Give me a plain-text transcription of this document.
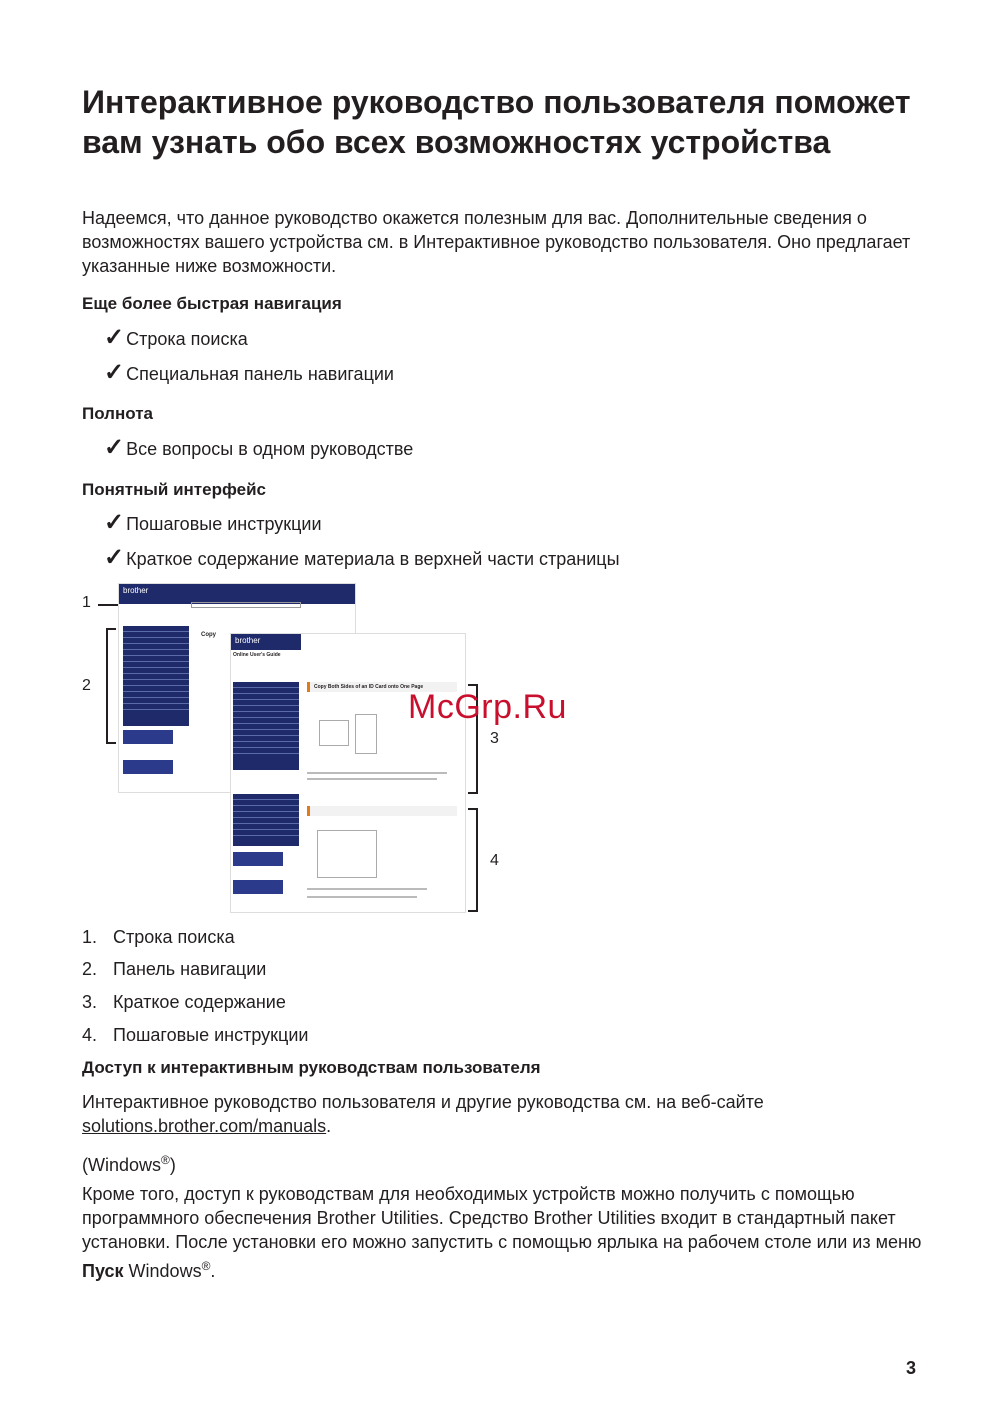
Интерактивное руководство пользователя поможет вам узнать обо всех возможностях устройства
Надеемся, что данное руководство окажется полезным для вас. Дополнительные сведения о возможностях вашего устройства см. в Интерактивное руководство пользователя. Оно предлагает указанные ниже возможности.
Еще более быстрая навигация
✓ Строка поиска
✓ Специальная панель навигации
Полнота
✓ Все вопросы в одном руководстве
Понятный интерфейс
✓ Пошаговые инструкции
✓ Краткое содержание материала в верхней части страницы
brother
Copy
brother
Online User's Guide
Copy Both Sides of an ID Card onto One Page
1
2
3
4
McGrp.Ru
1. Строка поиска
2. Панель навигации
3. Краткое содержание
4. Пошаговые инструкции
Доступ к интерактивным руководствам пользователя
Интерактивное руководство пользователя и другие руководства см. на веб-сайте
solutions.brother.com/manuals.
(Windows®)
Кроме того, доступ к руководствам для необходимых устройств можно получить с помощью программного обеспечения Brother Utilities. Средство Brother Utilities входит в стандартный пакет установки. После установки его можно запустить с помощью ярлыка на рабочем столе или из меню Пуск Windows®.
3
